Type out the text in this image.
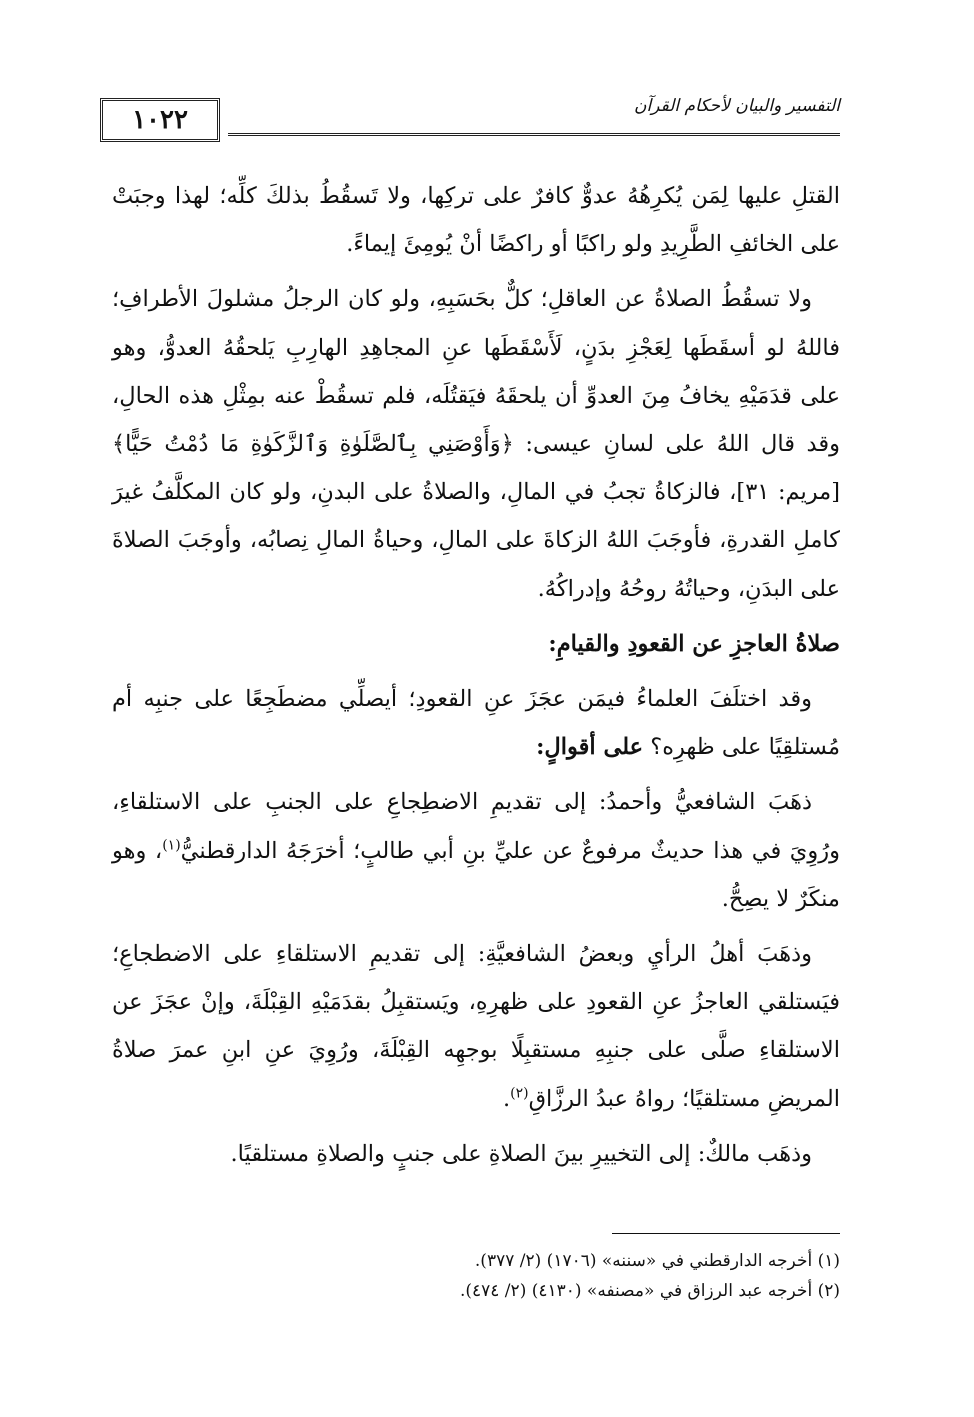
١٠٢٢	التفسير والبيان لأحكام القرآن

القتلِ عليها لِمَن يُكرِهُهُ عدوٌّ كافرٌ على تركِها، ولا تَسقُطُ بذلكَ كلِّه؛ لهذا وجبَتْ على الخائفِ الطَّرِيدِ ولو راكبًا أو راكضًا أنْ يُومِئَ إيماءً.

ولا تسقُطُ الصلاةُ عن العاقلِ؛ كلٌّ بحَسَبِهِ، ولو كان الرجلُ مشلولَ الأطرافِ؛ فاللهُ لو أسقَطَها لِعَجْزِ بدَنٍ، لَأَسْقَطَها عنِ المجاهِدِ الهارِبِ يَلحقُهُ العدوُّ، وهو على قدَمَيْهِ يخافُ مِنَ العدوِّ أن يلحقَهُ فيَقتُلَه، فلم تسقُطْ عنه بمِثْلِ هذه الحالِ، وقد قال اللهُ على لسانِ عيسى: ﴿وَأَوْصَنِي بِٱلصَّلَوٰةِ وَٱلزَّكَوٰةِ مَا دُمْتُ حَيًّا﴾ [مريم: ٣١]، فالزكاةُ تجبُ في المالِ، والصلاةُ على البدنِ، ولو كان المكلَّفُ غيرَ كاملِ القدرةِ، فأوجَبَ اللهُ الزكاةَ على المالِ، وحياةُ المالِ نِصابُه، وأوجَبَ الصلاةَ على البدَنِ، وحياتُهُ روحُهُ وإدراكُهُ.

صلاةُ العاجزِ عن القعودِ والقيامِ:

وقد اختلَفَ العلماءُ فيمَن عجَزَ عنِ القعودِ؛ أيصلِّي مضطَجِعًا على جنبِه أم مُستلقِيًا على ظهرِه؟ على أقوالٍ:

ذهَبَ الشافعيُّ وأحمدُ: إلى تقديمِ الاضطِجاعِ على الجنبِ على الاستلقاءِ، ورُوِيَ في هذا حديثٌ مرفوعٌ عن عليِّ بنِ أبي طالبٍ؛ أخرَجَهُ الدارقطنيُّ$^{(١)}$، وهو منكَرٌ لا يصِحُّ.

وذهَبَ أهلُ الرأيِ وبعضُ الشافعيَّةِ: إلى تقديمِ الاستلقاءِ على الاضطجاعِ؛ فيَستلقي العاجزُ عنِ القعودِ على ظهرِهِ، ويَستقبِلُ بقدَمَيْهِ القِبْلَةَ، وإنْ عجَزَ عن الاستلقاءِ صلَّى على جنبِهِ مستقبِلًا بوجهِه القِبْلَةَ، ورُوِيَ عنِ ابنِ عمرَ صلاةُ المريضِ مستلقيًا؛ رواهُ عبدُ الرزَّاقِ$^{(٢)}$.

وذهَب مالكٌ: إلى التخييرِ بينَ الصلاةِ على جنبٍ والصلاةِ مستلقيًا.

(١) أخرجه الدارقطني في «سننه» (١٧٠٦) (٢/ ٣٧٧).
(٢) أخرجه عبد الرزاق في «مصنفه» (٤١٣٠) (٢/ ٤٧٤).
